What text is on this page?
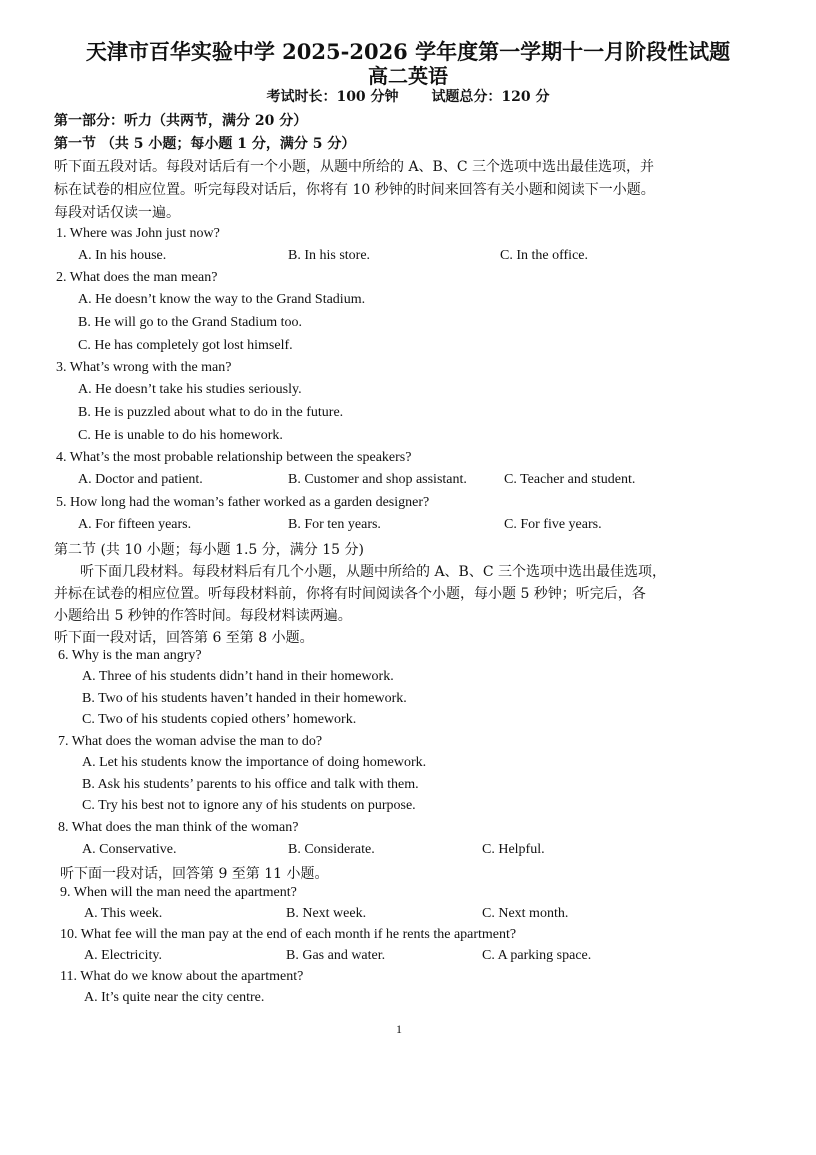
天津市百华实验中学 2025-2026 学年度第一学期十一月阶段性试题
高二英语
考试时长：100 分钟 试题总分：120 分
第一部分：听力（共两节，满分 20 分）
第一节 （共 5 小题；每小题 1 分，满分 5 分）
听下面五段对话。每段对话后有一个小题，从题中所给的 A、B、C 三个选项中选出最佳选项，并
标在试卷的相应位置。听完每段对话后，你将有 10 秒钟的时间来回答有关小题和阅读下一小题。
每段对话仅读一遍。
1. Where was John just now?
A. In his house.	B. In his store.	C. In the office.
2. What does the man mean?
A. He doesn’t know the way to the Grand Stadium.
B. He will go to the Grand Stadium too.
C. He has completely got lost himself.
3. What’s wrong with the man?
A. He doesn’t take his studies seriously.
B. He is puzzled about what to do in the future.
C. He is unable to do his homework.
4. What’s the most probable relationship between the speakers?
A. Doctor and patient.	B. Customer and shop assistant.	C. Teacher and student.
5. How long had the woman’s father worked as a garden designer?
A. For fifteen years.	B. For ten years.	C. For five years.
第二节 (共 10 小题；每小题 1.5 分，满分 15 分)
听下面几段材料。每段材料后有几个小题，从题中所给的 A、B、C 三个选项中选出最佳选项，
并标在试卷的相应位置。听每段材料前，你将有时间阅读各个小题，每小题 5 秒钟；听完后，各
小题给出 5 秒钟的作答时间。每段材料读两遍。
听下面一段对话，回答第 6 至第 8 小题。
6. Why is the man angry?
A. Three of his students didn’t hand in their homework.
B. Two of his students haven’t handed in their homework.
C. Two of his students copied others’ homework.
7. What does the woman advise the man to do?
A. Let his students know the importance of doing homework.
B. Ask his students’ parents to his office and talk with them.
C. Try his best not to ignore any of his students on purpose.
8. What does the man think of the woman?
A. Conservative.	B. Considerate.	C. Helpful.
听下面一段对话，回答第 9 至第 11 小题。
9. When will the man need the apartment?
A. This week.	B. Next week.	C. Next month.
10. What fee will the man pay at the end of each month if he rents the apartment?
A. Electricity.	B. Gas and water.	C. A parking space.
11. What do we know about the apartment?
A. It’s quite near the city centre.
1
